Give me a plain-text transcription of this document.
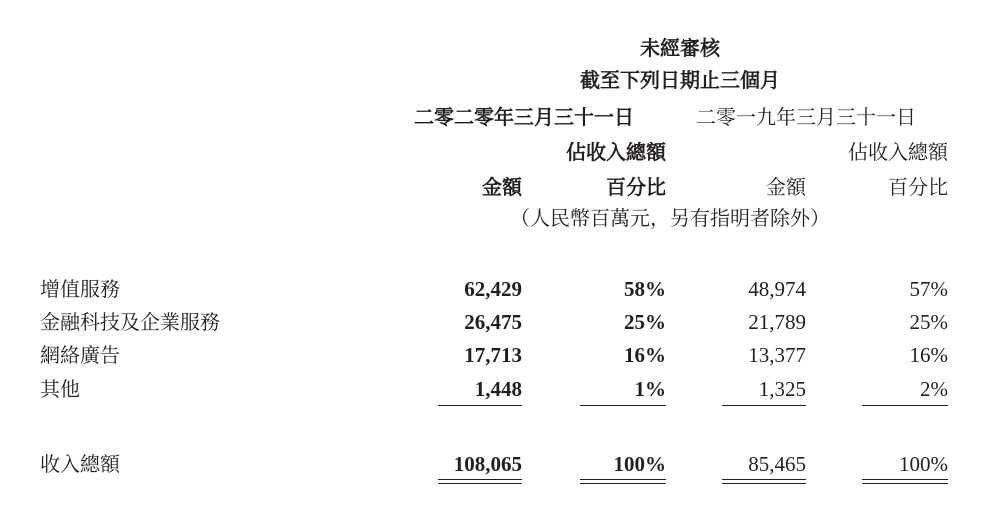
未經審核
截至下列日期止三個月
二零二零年三月三十一日	二零一九年三月三十一日
佔收入總額	佔收入總額
金額	百分比	金額	百分比
（人民幣百萬元，另有指明者除外）
增值服務	62,429	58%	48,974	57%
金融科技及企業服務	26,475	25%	21,789	25%
網絡廣告	17,713	16%	13,377	16%
其他	1,448	1%	1,325	2%
收入總額	108,065	100%	85,465	100%
